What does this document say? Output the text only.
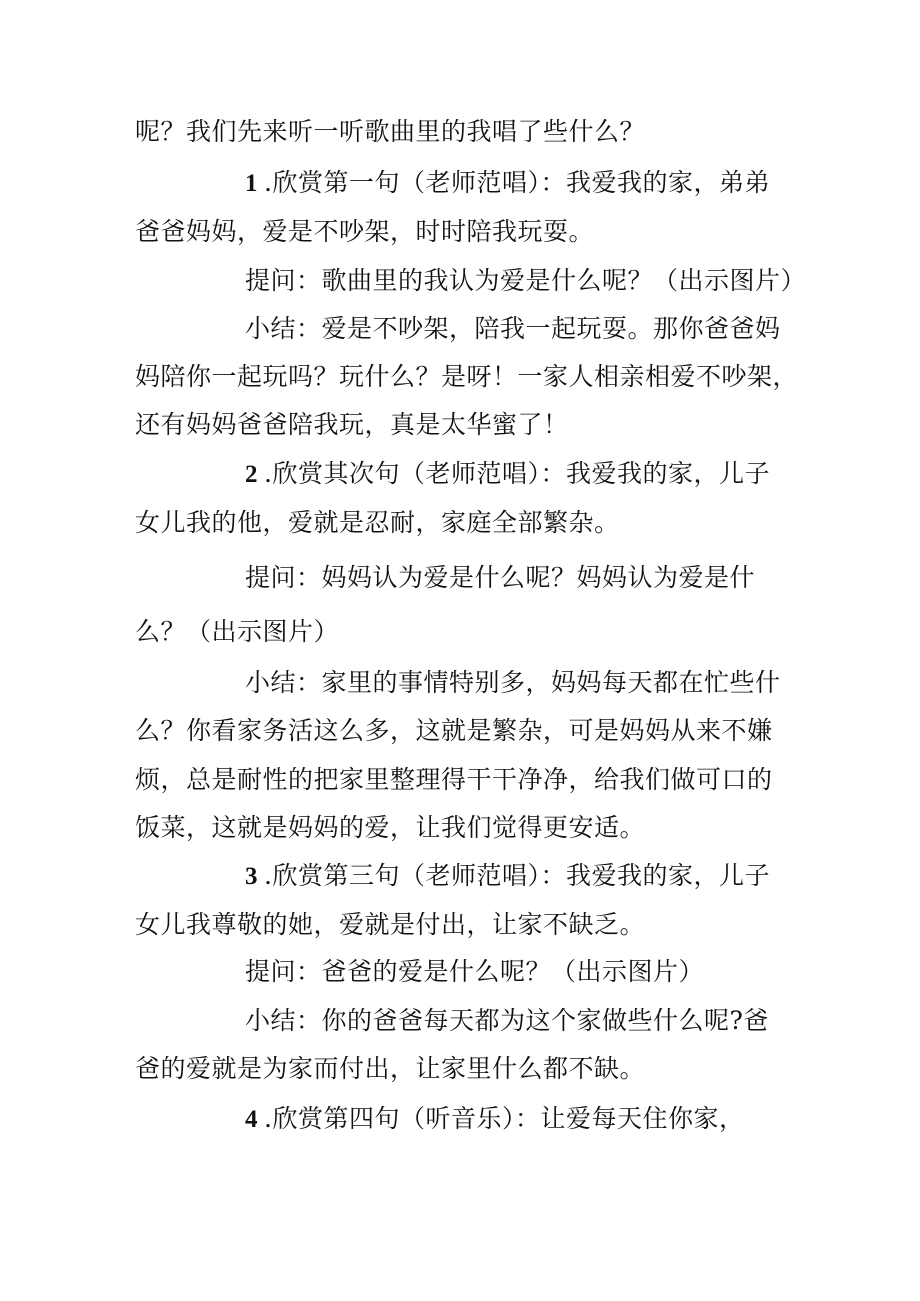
呢？我们先来听一听歌曲里的我唱了些什么？
1 .欣赏第一句（老师范唱）：我爱我的家，弟弟
爸爸妈妈，爱是不吵架，时时陪我玩耍。
提问：歌曲里的我认为爱是什么呢？（出示图片）
小结：爱是不吵架，陪我一起玩耍。那你爸爸妈
妈陪你一起玩吗？玩什么？是呀！一家人相亲相爱不吵架，
还有妈妈爸爸陪我玩，真是太华蜜了！
2 .欣赏其次句（老师范唱）：我爱我的家，儿子
女儿我的他，爱就是忍耐，家庭全部繁杂。
提问：妈妈认为爱是什么呢？妈妈认为爱是什
么？（出示图片）
小结：家里的事情特别多，妈妈每天都在忙些什
么？你看家务活这么多，这就是繁杂，可是妈妈从来不嫌
烦，总是耐性的把家里整理得干干净净，给我们做可口的
饭菜，这就是妈妈的爱，让我们觉得更安适。
3 .欣赏第三句（老师范唱）：我爱我的家，儿子
女儿我尊敬的她，爱就是付出，让家不缺乏。
提问：爸爸的爱是什么呢？（出示图片）
小结：你的爸爸每天都为这个家做些什么呢?爸
爸的爱就是为家而付出，让家里什么都不缺。
4 .欣赏第四句（听音乐）：让爱每天住你家，
